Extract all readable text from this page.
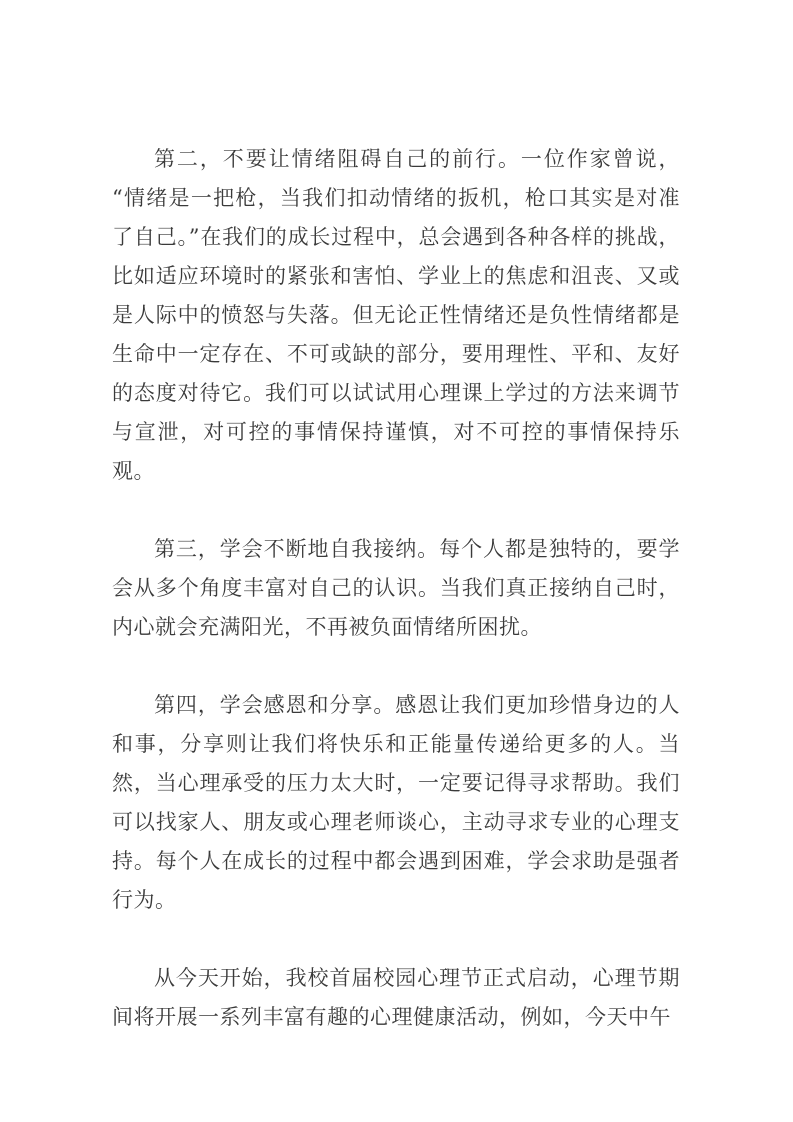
第二，不要让情绪阻碍自己的前行。一位作家曾说，“情绪是一把枪，当我们扣动情绪的扳机，枪口其实是对准了自己。”在我们的成长过程中，总会遇到各种各样的挑战，比如适应环境时的紧张和害怕、学业上的焦虑和沮丧、又或是人际中的愤怒与失落。但无论正性情绪还是负性情绪都是生命中一定存在、不可或缺的部分，要用理性、平和、友好的态度对待它。我们可以试试用心理课上学过的方法来调节与宣泄，对可控的事情保持谨慎，对不可控的事情保持乐观。

第三，学会不断地自我接纳。每个人都是独特的，要学会从多个角度丰富对自己的认识。当我们真正接纳自己时，内心就会充满阳光，不再被负面情绪所困扰。

第四，学会感恩和分享。感恩让我们更加珍惜身边的人和事，分享则让我们将快乐和正能量传递给更多的人。当然，当心理承受的压力太大时，一定要记得寻求帮助。我们可以找家人、朋友或心理老师谈心，主动寻求专业的心理支持。每个人在成长的过程中都会遇到困难，学会求助是强者行为。

从今天开始，我校首届校园心理节正式启动，心理节期间将开展一系列丰富有趣的心理健康活动，例如，今天中午
